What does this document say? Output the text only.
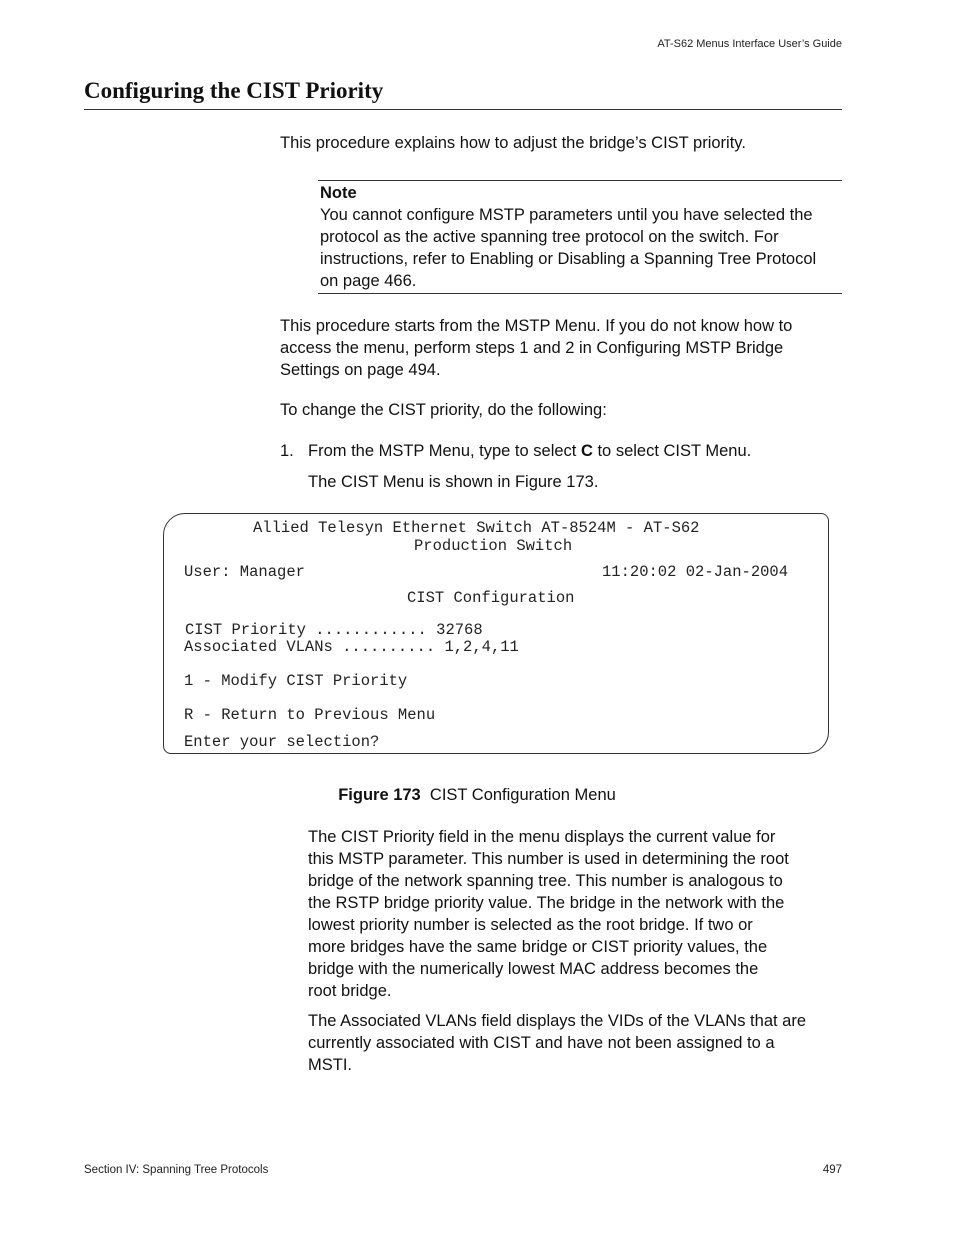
AT-S62 Menus Interface User’s Guide
Configuring the CIST Priority

This procedure explains how to adjust the bridge’s CIST priority.

Note
You cannot configure MSTP parameters until you have selected the
protocol as the active spanning tree protocol on the switch. For
instructions, refer to Enabling or Disabling a Spanning Tree Protocol
on page 466.
This procedure starts from the MSTP Menu. If you do not know how to
access the menu, perform steps 1 and 2 in Configuring MSTP Bridge
Settings on page 494.

To change the CIST priority, do the following:

1. From the MSTP Menu, type to select C to select CIST Menu.

The CIST Menu is shown in Figure 173.

Allied Telesyn Ethernet Switch AT-8524M - AT-S62
Production Switch
User: Manager	11:20:02 02-Jan-2004
CIST Configuration
CIST Priority ............ 32768
Associated VLANs .......... 1,2,4,11
1 - Modify CIST Priority
R - Return to Previous Menu
Enter your selection?
Figure 173 CIST Configuration Menu
The CIST Priority field in the menu displays the current value for
this MSTP parameter. This number is used in determining the root
bridge of the network spanning tree. This number is analogous to
the RSTP bridge priority value. The bridge in the network with the
lowest priority number is selected as the root bridge. If two or
more bridges have the same bridge or CIST priority values, the
bridge with the numerically lowest MAC address becomes the
root bridge.
The Associated VLANs field displays the VIDs of the VLANs that are
currently associated with CIST and have not been assigned to a
MSTI.
Section IV: Spanning Tree Protocols	497
